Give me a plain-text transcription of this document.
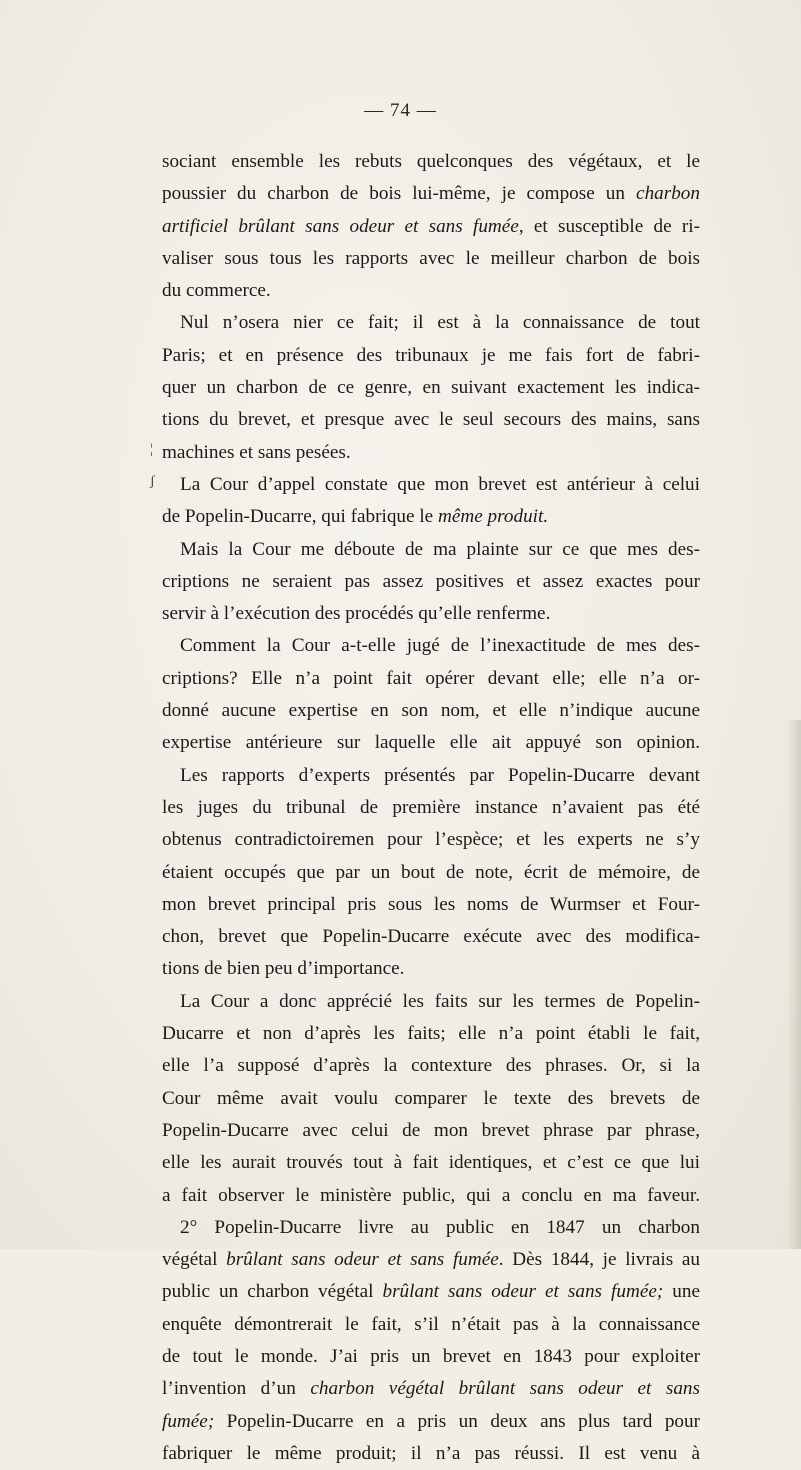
— 74 —
sociant ensemble les rebuts quelconques des végétaux, et le
poussier du charbon de bois lui-même, je compose un charbon
artificiel brûlant sans odeur et sans fumée, et susceptible de ri-
valiser sous tous les rapports avec le meilleur charbon de bois
du commerce.
Nul n’osera nier ce fait; il est à la connaissance de tout
Paris; et en présence des tribunaux je me fais fort de fabri-
quer un charbon de ce genre, en suivant exactement les indica-
tions du brevet, et presque avec le seul secours des mains, sans
machines et sans pesées.
La Cour d’appel constate que mon brevet est antérieur à celui
de Popelin-Ducarre, qui fabrique le même produit.
Mais la Cour me déboute de ma plainte sur ce que mes des-
criptions ne seraient pas assez positives et assez exactes pour
servir à l’exécution des procédés qu’elle renferme.
Comment la Cour a-t-elle jugé de l’inexactitude de mes des-
criptions? Elle n’a point fait opérer devant elle; elle n’a or-
donné aucune expertise en son nom, et elle n’indique aucune
expertise antérieure sur laquelle elle ait appuyé son opinion.
Les rapports d’experts présentés par Popelin-Ducarre devant
les juges du tribunal de première instance n’avaient pas été
obtenus contradictoiremen pour l’espèce; et les experts ne s’y
étaient occupés que par un bout de note, écrit de mémoire, de
mon brevet principal pris sous les noms de Wurmser et Four-
chon, brevet que Popelin-Ducarre exécute avec des modifica-
tions de bien peu d’importance.
La Cour a donc apprécié les faits sur les termes de Popelin-
Ducarre et non d’après les faits; elle n’a point établi le fait,
elle l’a supposé d’après la contexture des phrases. Or, si la
Cour même avait voulu comparer le texte des brevets de
Popelin-Ducarre avec celui de mon brevet phrase par phrase,
elle les aurait trouvés tout à fait identiques, et c’est ce que lui
a fait observer le ministère public, qui a conclu en ma faveur.
2° Popelin-Ducarre livre au public en 1847 un charbon
végétal brûlant sans odeur et sans fumée. Dès 1844, je livrais au
public un charbon végétal brûlant sans odeur et sans fumée; une
enquête démontrerait le fait, s’il n’était pas à la connaissance
de tout le monde. J’ai pris un brevet en 1843 pour exploiter
l’invention d’un charbon végétal brûlant sans odeur et sans
fumée; Popelin-Ducarre en a pris un deux ans plus tard pour
fabriquer le même produit; il n’a pas réussi. Il est venu à
¦
ʃ
